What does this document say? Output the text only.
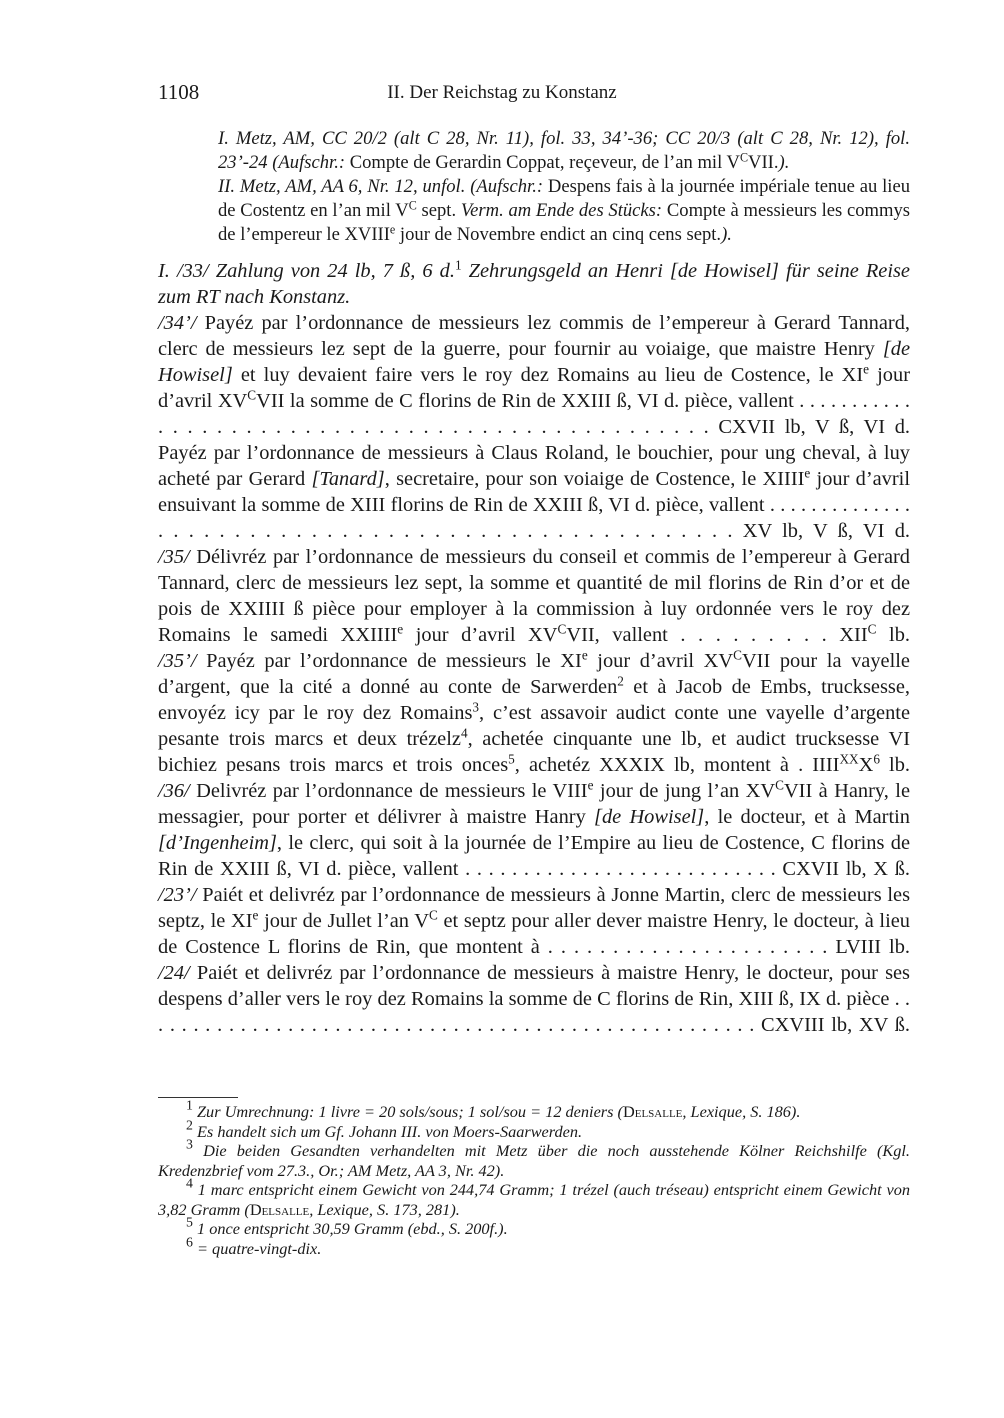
1108	II. Der Reichstag zu Konstanz

I. Metz, AM, CC 20/2 (alt C 28, Nr. 11), fol. 33, 34’-36; CC 20/3 (alt C 28, Nr. 12), fol. 23’-24 (Aufschr.: Compte de Gerardin Coppat, reçeveur, de l’an mil $V^CVII$.).

II. Metz, AM, AA 6, Nr. 12, unfol. (Aufschr.: Despens fais à la journée impériale tenue au lieu de Costentz en l’an mil $V^C$ sept. Verm. am Ende des Stücks: Compte à messieurs les commys de l’empereur le XVIIIe jour de Novembre endict an cinq cens sept.).

I. /33/ Zahlung von 24 lb, 7 ß, 6 d.$^1$ Zehrungsgeld an Henri [de Howisel] für seine Reise zum RT nach Konstanz.

/34’/ Payéz par l’ordonnance de messieurs lez commis de l’empereur à Gerard Tannard, clerc de messieurs lez sept de la guerre, pour fournir au voiaige, que maistre Henry [de Howisel] et luy devaient faire vers le roy dez Romains au lieu de Costence, le XIe jour d’avril $XV^CVII$ la somme de C florins de Rin de XXIII ß, VI d. pièce, vallent . . . . . . . . . . . . . . . . . . . . . . . . . . . . . . . . . . . . . . . . . . . . . . . . . CXVII lb, V ß, VI d.

Payéz par l’ordonnance de messieurs à Claus Roland, le bouchier, pour ung cheval, à luy acheté par Gerard [Tanard], secretaire, pour son voiaige de Costence, le XIIIIe jour d’avril ensuivant la somme de XIII florins de Rin de XXIII ß, VI d. pièce, vallent . . . . . . . . . . . . . . . . . . . . . . . . . . . . . . . . . . . . . . . . . . . . . . . . . . . . XV lb, V ß, VI d.

/35/ Délivréz par l’ordonnance de messieurs du conseil et commis de l’empereur à Gerard Tannard, clerc de messieurs lez sept, la somme et quantité de mil florins de Rin d’or et de pois de XXIIII ß pièce pour employer à la commission à luy ordonnée vers le roy dez Romains le samedi XXIIIIe jour d’avril $XV^CVII$, vallent . . . . . . . . . $XII^C$ lb.

/35’/ Payéz par l’ordonnance de messieurs le XIe jour d’avril $XV^CVII$ pour la vayelle d’argent, que la cité a donné au conte de Sarwerden$^2$ et à Jacob de Embs, trucksesse, envoyéz icy par le roy dez Romains$^3$, c’est assavoir audict conte une vayelle d’argente pesante trois marcs et deux trézelz$^4$, achetée cinquante une lb, et audict trucksesse VI bichiez pesans trois marcs et trois onces$^5$, achetéz XXXIX lb, montent à . $IIII^{XX}X^6$ lb.

/36/ Delivréz par l’ordonnance de messieurs le VIIIe jour de jung l’an $XV^CVII$ à Hanry, le messagier, pour porter et délivrer à maistre Hanry [de Howisel], le docteur, et à Martin [d’Ingenheim], le clerc, qui soit à la journée de l’Empire au lieu de Costence, C florins de Rin de XXIII ß, VI d. pièce, vallent . . . . . . . . . . . . . . . . . . . . . . . . . . . CXVII lb, X ß.

/23’/ Paiét et delivréz par l’ordonnance de messieurs à Jonne Martin, clerc de messieurs les septz, le XIe jour de Jullet l’an $V^C$ et septz pour aller dever maistre Henry, le docteur, à lieu de Costence L florins de Rin, que montent à . . . . . . . . . . . . . . . . . . . . . . LVIII lb.

/24/ Paiét et delivréz par l’ordonnance de messieurs à maistre Henry, le docteur, pour ses despens d’aller vers le roy dez Romains la somme de C florins de Rin, XIII ß, IX d. pièce . . . . . . . . . . . . . . . . . . . . . . . . . . . . . . . . . . . . . . . . . . . . . . . . . . . . . CXVIII lb, XV ß.

$^1$ Zur Umrechnung: 1 livre = 20 sols/sous; 1 sol/sou = 12 deniers (Delsalle, Lexique, S. 186).

$^2$ Es handelt sich um Gf. Johann III. von Moers-Saarwerden.

$^3$ Die beiden Gesandten verhandelten mit Metz über die noch ausstehende Kölner Reichshilfe (Kgl. Kredenzbrief vom 27.3., Or.; AM Metz, AA 3, Nr. 42).

$^4$ 1 marc entspricht einem Gewicht von 244,74 Gramm; 1 trézel (auch tréseau) entspricht einem Gewicht von 3,82 Gramm (Delsalle, Lexique, S. 173, 281).

$^5$ 1 once entspricht 30,59 Gramm (ebd., S. 200f.).

$^6$ = quatre-vingt-dix.
